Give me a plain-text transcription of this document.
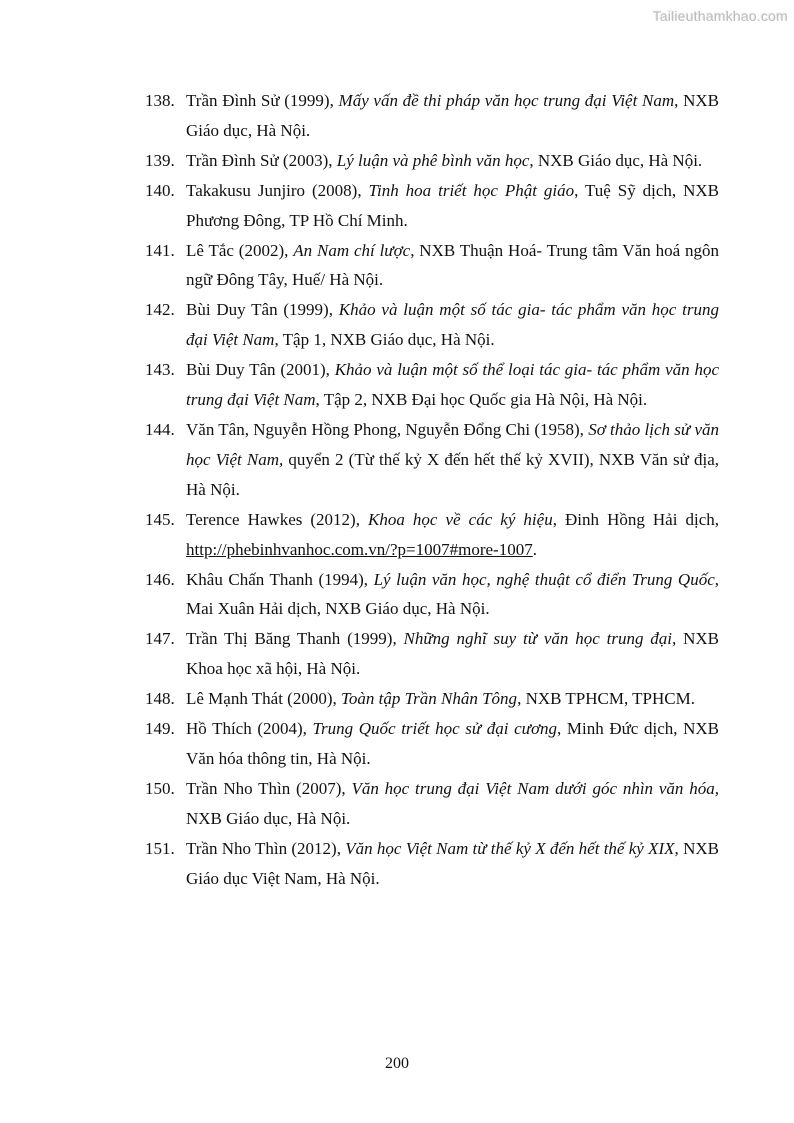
Tailieuthamkhao.com
138. Trần Đình Sử (1999), Mấy vấn đề thi pháp văn học trung đại Việt Nam, NXB Giáo dục, Hà Nội.
139. Trần Đình Sử (2003), Lý luận và phê bình văn học, NXB Giáo dục, Hà Nội.
140. Takakusu Junjiro (2008), Tinh hoa triết học Phật giáo, Tuệ Sỹ dịch, NXB Phương Đông, TP Hồ Chí Minh.
141. Lê Tắc (2002), An Nam chí lược, NXB Thuận Hoá- Trung tâm Văn hoá ngôn ngữ Đông Tây, Huế/ Hà Nội.
142. Bùi Duy Tân (1999), Khảo và luận một số tác gia- tác phẩm văn học trung đại Việt Nam, Tập 1, NXB Giáo dục, Hà Nội.
143. Bùi Duy Tân (2001), Khảo và luận một số thể loại tác gia- tác phẩm văn học trung đại Việt Nam, Tập 2, NXB Đại học Quốc gia Hà Nội, Hà Nội.
144. Văn Tân, Nguyễn Hồng Phong, Nguyễn Đổng Chi (1958), Sơ thảo lịch sử văn học Việt Nam, quyển 2 (Từ thế kỷ X đến hết thế kỷ XVII), NXB Văn sử địa, Hà Nội.
145. Terence Hawkes (2012), Khoa học về các ký hiệu, Đinh Hồng Hải dịch, http://phebinhvanhoc.com.vn/?p=1007#more-1007.
146. Khâu Chấn Thanh (1994), Lý luận văn học, nghệ thuật cổ điển Trung Quốc, Mai Xuân Hải dịch, NXB Giáo dục, Hà Nội.
147. Trần Thị Băng Thanh (1999), Những nghĩ suy từ văn học trung đại, NXB Khoa học xã hội, Hà Nội.
148. Lê Mạnh Thát (2000), Toàn tập Trần Nhân Tông, NXB TPHCM, TPHCM.
149. Hồ Thích (2004), Trung Quốc triết học sử đại cương, Minh Đức dịch, NXB Văn hóa thông tin, Hà Nội.
150. Trần Nho Thìn (2007), Văn học trung đại Việt Nam dưới góc nhìn văn hóa, NXB Giáo dục, Hà Nội.
151. Trần Nho Thìn (2012), Văn học Việt Nam từ thế kỷ X đến hết thế kỷ XIX, NXB Giáo dục Việt Nam, Hà Nội.
200
